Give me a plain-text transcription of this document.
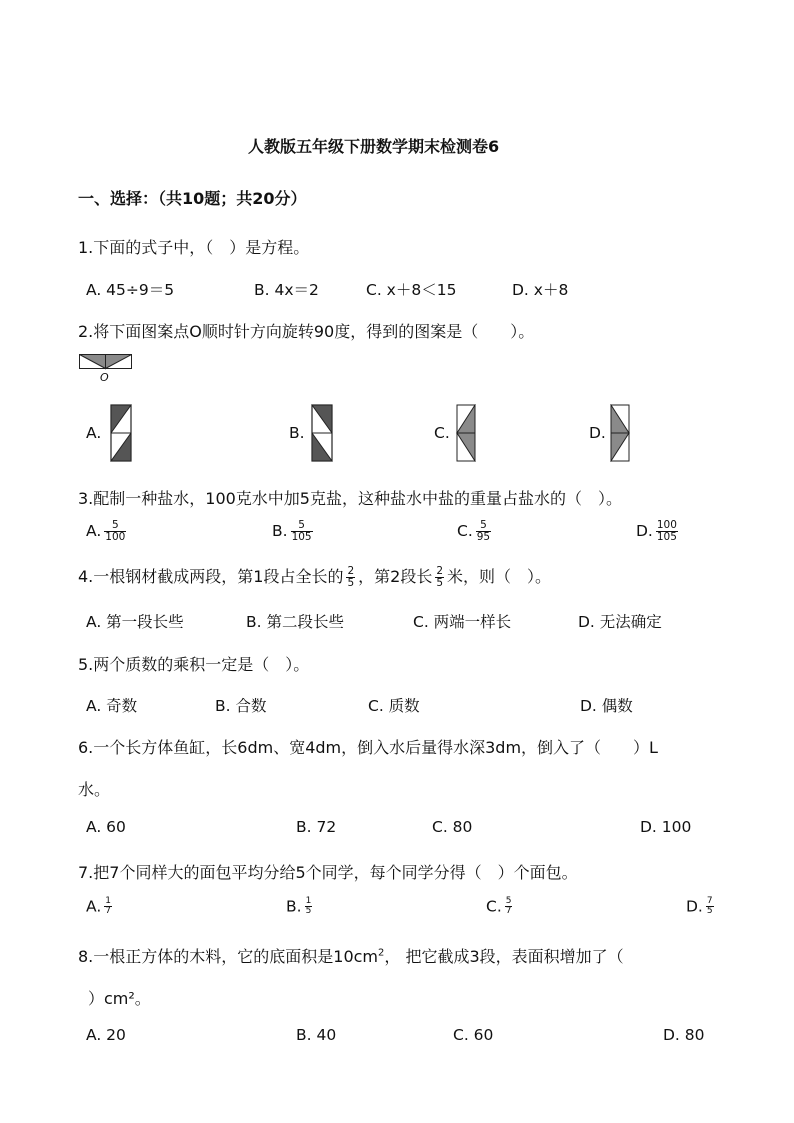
人教版五年级下册数学期末检测卷6
一、选择：（共10题；共20分）
1.下面的式子中，（　）是方程。
A. 45÷9＝5	B. 4x＝2	C. x＋8＜15	D. x＋8
2.将下面图案点O顺时针方向旋转90度，得到的图案是（　　）。
O
A.	B.	C.	D.
3.配制一种盐水，100克水中加5克盐，这种盐水中盐的重量占盐水的（　）。
A. $\frac{5}{100}$	B. $\frac{5}{105}$	C. $\frac{5}{95}$	D. $\frac{100}{105}$
4.一根钢材截成两段，第1段占全长的 $\frac{2}{5}$ ，第2段长 $\frac{2}{5}$ 米，则（　）。
A. 第一段长些	B. 第二段长些	C. 两端一样长	D. 无法确定
5.两个质数的乘积一定是（　）。
A. 奇数	B. 合数	C. 质数	D. 偶数
6.一个长方体鱼缸，长6dm、宽4dm，倒入水后量得水深3dm，倒入了（　　）L
水。
A. 60	B. 72	C. 80	D. 100
7.把7个同样大的面包平均分给5个同学，每个同学分得（　）个面包。
A. $\frac{1}{7}$	B. $\frac{1}{5}$	C. $\frac{5}{7}$	D. $\frac{7}{5}$
8.一根正方体的木料，它的底面积是$10cm^2$， 把它截成3段，表面积增加了（
）cm²。
A. 20	B. 40	C. 60	D. 80
